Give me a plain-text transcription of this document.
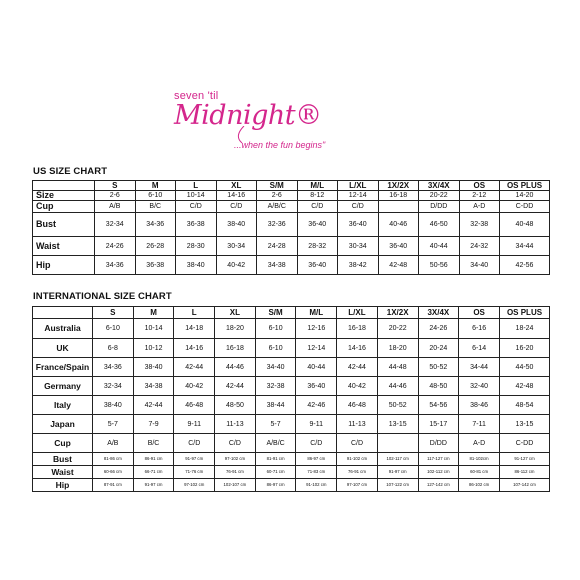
seven 'til
Midnight®
...when the fun begins"
US SIZE CHART
	S	M	L	XL	S/M	M/L	L/XL	1X/2X	3X/4X	OS	OS PLUS
Size	2-6	6-10	10-14	14-16	2-6	8-12	12-14	16-18	20-22	2-12	14-20
Cup	A/B	B/C	C/D	C/D	A/B/C	C/D	C/D		D/DD	A-D	C-DD
Bust	32-34	34-36	36-38	38-40	32-36	36-40	36-40	40-46	46-50	32-38	40-48
Waist	24-26	26-28	28-30	30-34	24-28	28-32	30-34	36-40	40-44	24-32	34-44
Hip	34-36	36-38	38-40	40-42	34-38	36-40	38-42	42-48	50-56	34-40	42-56
INTERNATIONAL SIZE CHART
	S	M	L	XL	S/M	M/L	L/XL	1X/2X	3X/4X	OS	OS PLUS
Australia	6-10	10-14	14-18	18-20	6-10	12-16	16-18	20-22	24-26	6-16	18-24
UK	6-8	10-12	14-16	16-18	6-10	12-14	14-16	18-20	20-24	6-14	16-20
France/Spain	34-36	38-40	42-44	44-46	34-40	40-44	42-44	44-48	50-52	34-44	44-50
Germany	32-34	34-38	40-42	42-44	32-38	36-40	40-42	44-46	48-50	32-40	42-48
Italy	38-40	42-44	46-48	48-50	38-44	42-46	46-48	50-52	54-56	38-46	48-54
Japan	5-7	7-9	9-11	11-13	5-7	9-11	11-13	13-15	15-17	7-11	13-15
Cup	A/B	B/C	C/D	C/D	A/B/C	C/D	C/D		D/DD	A-D	C-DD
Bust	81-86 cm	86-91 cm	91-97 cm	97-102 cm	81-91 cm	86-97 cm	91-102 cm	102-117 cm	117-127 cm	81-102cm	91-127 cm
Waist	60-66 cm	66-71 cm	71-76 cm	76-91 cm	60-71 cm	71-83 cm	76-91 cm	91-97 cm	102-112 cm	60-81 cm	86-112 cm
Hip	87-91 cm	91-97 cm	97-102 cm	102-107 cm	86-97 cm	91-102 cm	97-107 cm	107-122 cm	127-142 cm	86-102 cm	107-142 cm
